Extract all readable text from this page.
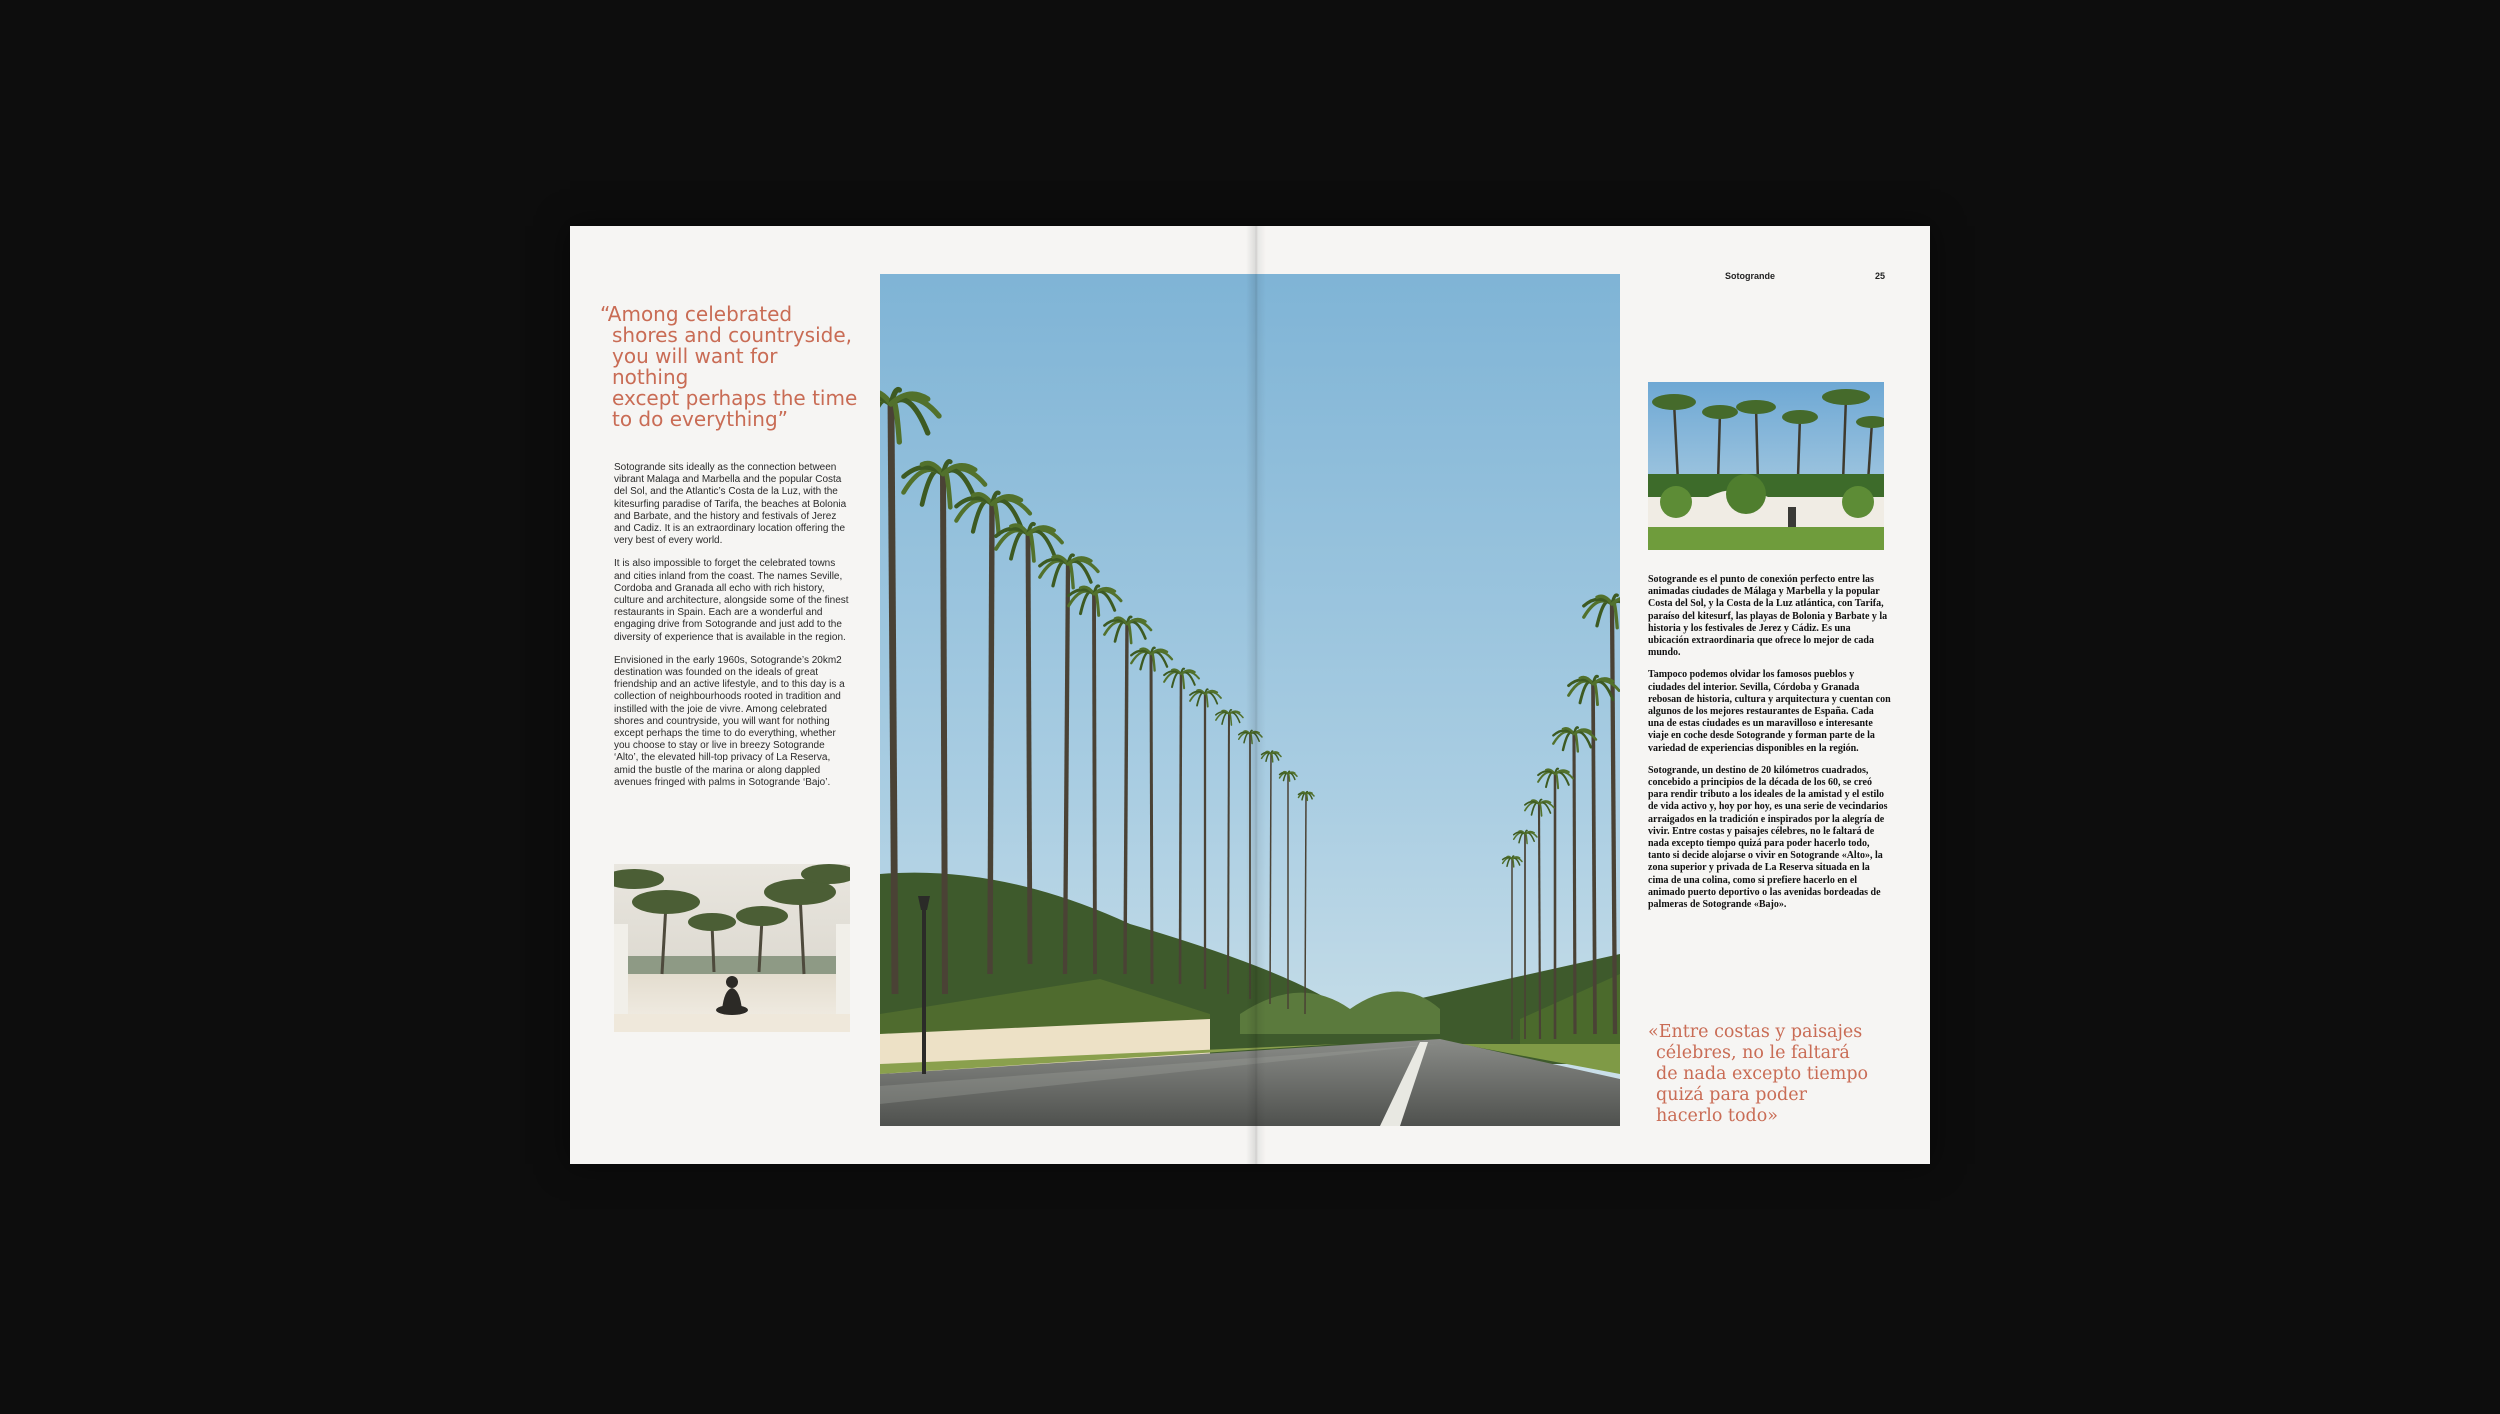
“Among celebrated
shores and countryside,
you will want for nothing
except perhaps the time
to do everything”

Sotogrande sits ideally as the connection between vibrant Malaga and Marbella and the popular Costa del Sol, and the Atlantic’s Costa de la Luz, with the kitesurfing paradise of Tarifa, the beaches at Bolonia and Barbate, and the history and festivals of Jerez and Cadiz. It is an extraordinary location offering the very best of every world.

It is also impossible to forget the celebrated towns and cities inland from the coast. The names Seville, Cordoba and Granada all echo with rich history, culture and architecture, alongside some of the finest restaurants in Spain. Each are a wonderful and engaging drive from Sotogrande and just add to the diversity of experience that is available in the region.

Envisioned in the early 1960s, Sotogrande’s 20km2 destination was founded on the ideals of great friendship and an active lifestyle, and to this day is a collection of neighbourhoods rooted in tradition and instilled with the joie de vivre. Among celebrated shores and countryside, you will want for nothing except perhaps the time to do everything, whether you choose to stay or live in breezy Sotogrande ‘Alto’, the elevated hill-top privacy of La Reserva, amid the bustle of the marina or along dappled avenues fringed with palms in Sotogrande ‘Bajo’.

Sotogrande	25

Sotogrande es el punto de conexión perfecto entre las animadas ciudades de Málaga y Marbella y la popular Costa del Sol, y la Costa de la Luz atlántica, con Tarifa, paraíso del kitesurf, las playas de Bolonia y Barbate y la historia y los festivales de Jerez y Cádiz. Es una ubicación extraordinaria que ofrece lo mejor de cada mundo.

Tampoco podemos olvidar los famosos pueblos y ciudades del interior. Sevilla, Córdoba y Granada rebosan de historia, cultura y arquitectura y cuentan con algunos de los mejores restaurantes de España. Cada una de estas ciudades es un maravilloso e interesante viaje en coche desde Sotogrande y forman parte de la variedad de experiencias disponibles en la región.

Sotogrande, un destino de 20 kilómetros cuadrados, concebido a principios de la década de los 60, se creó para rendir tributo a los ideales de la amistad y el estilo de vida activo y, hoy por hoy, es una serie de vecindarios arraigados en la tradición e inspirados por la alegría de vivir. Entre costas y paisajes célebres, no le faltará de nada excepto tiempo quizá para poder hacerlo todo, tanto si decide alojarse o vivir en Sotogrande «Alto», la zona superior y privada de La Reserva situada en la cima de una colina, como si prefiere hacerlo en el animado puerto deportivo o las avenidas bordeadas de palmeras de Sotogrande «Bajo».

«Entre costas y paisajes
célebres, no le faltará
de nada excepto tiempo
quizá para poder
hacerlo todo»
